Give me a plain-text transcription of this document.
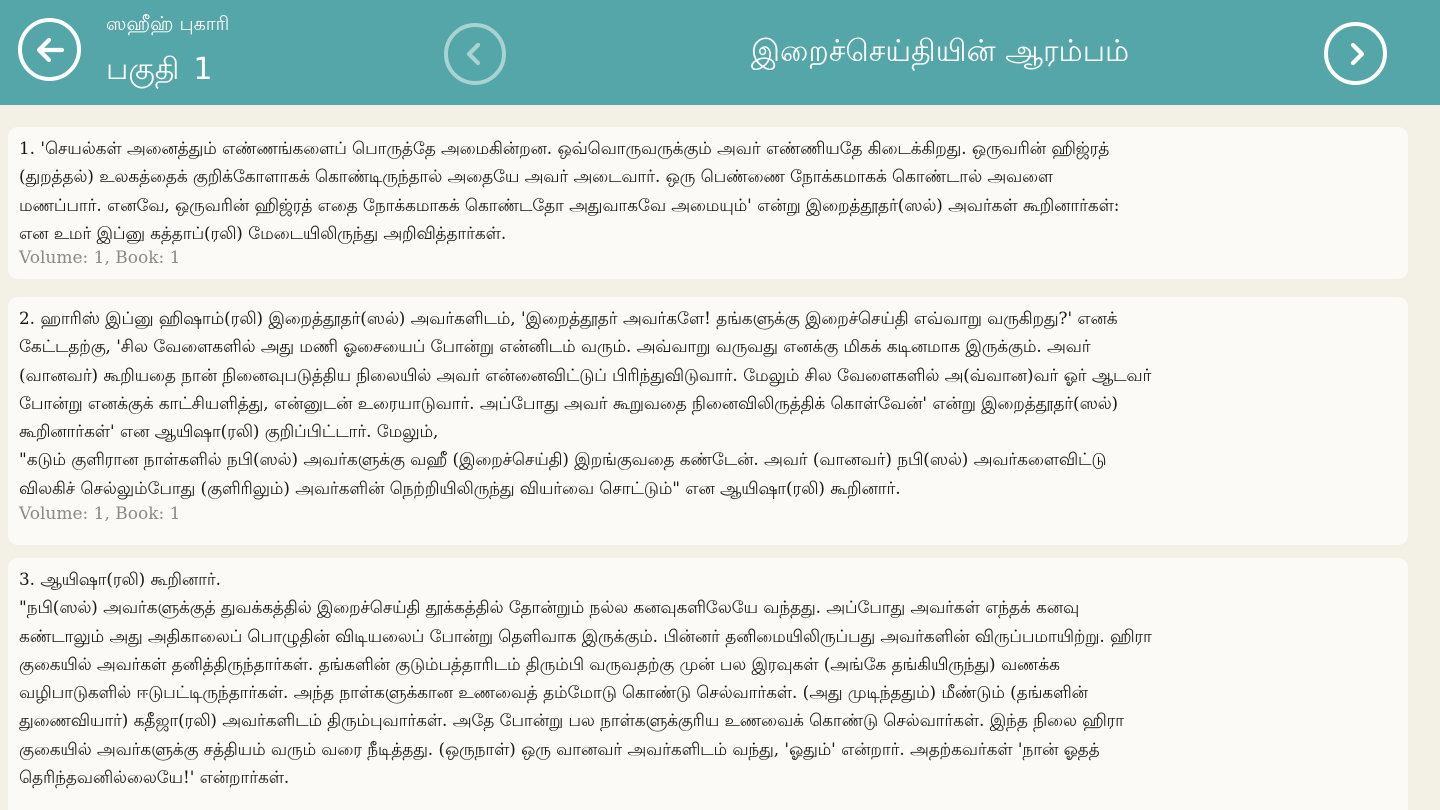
ஸஹீஹ் புகாரி
பகுதி 1
இறைச்செய்தியின் ஆரம்பம்
1. 'செயல்கள் அனைத்தும் எண்ணங்களைப் பொருத்தே அமைகின்றன. ஒவ்வொருவருக்கும் அவர் எண்ணியதே கிடைக்கிறது. ஒருவரின் ஹிஜ்ரத்
(துறத்தல்) உலகத்தைக் குறிக்கோளாகக் கொண்டிருந்தால் அதையே அவர் அடைவார். ஒரு பெண்ணை நோக்கமாகக் கொண்டால் அவளை
மணப்பார். எனவே, ஒருவரின் ஹிஜ்ரத் எதை நோக்கமாகக் கொண்டதோ அதுவாகவே அமையும்' என்று இறைத்தூதர்(ஸல்) அவர்கள் கூறினார்கள்:
என உமர் இப்னு கத்தாப்(ரலி) மேடையிலிருந்து அறிவித்தார்கள்.
Volume: 1, Book: 1
2. ஹாரிஸ் இப்னு ஹிஷாம்(ரலி) இறைத்தூதர்(ஸல்) அவர்களிடம், 'இறைத்தூதர் அவர்களே! தங்களுக்கு இறைச்செய்தி எவ்வாறு வருகிறது?' எனக்
கேட்டதற்கு, 'சில வேளைகளில் அது மணி ஓசையைப் போன்று என்னிடம் வரும். அவ்வாறு வருவது எனக்கு மிகக் கடினமாக இருக்கும். அவர்
(வானவர்) கூறியதை நான் நினைவுபடுத்திய நிலையில் அவர் என்னைவிட்டுப் பிரிந்துவிடுவார். மேலும் சில வேளைகளில் அ(வ்வான)வர் ஓர் ஆடவர்
போன்று எனக்குக் காட்சியளித்து, என்னுடன் உரையாடுவார். அப்போது அவர் கூறுவதை நினைவிலிருத்திக் கொள்வேன்' என்று இறைத்தூதர்(ஸல்)
கூறினார்கள்' என ஆயிஷா(ரலி) குறிப்பிட்டார். மேலும்,
"கடும் குளிரான நாள்களில் நபி(ஸல்) அவர்களுக்கு வஹீ (இறைச்செய்தி) இறங்குவதை கண்டேன். அவர் (வானவர்) நபி(ஸல்) அவர்களைவிட்டு
விலகிச் செல்லும்போது (குளிரிலும்) அவர்களின் நெற்றியிலிருந்து வியர்வை சொட்டும்" என ஆயிஷா(ரலி) கூறினார்.
Volume: 1, Book: 1
3. ஆயிஷா(ரலி) கூறினார்.
"நபி(ஸல்) அவர்களுக்குத் துவக்கத்தில் இறைச்செய்தி தூக்கத்தில் தோன்றும் நல்ல கனவுகளிலேயே வந்தது. அப்போது அவர்கள் எந்தக் கனவு
கண்டாலும் அது அதிகாலைப் பொழுதின் விடியலைப் போன்று தெளிவாக இருக்கும். பின்னர் தனிமையிலிருப்பது அவர்களின் விருப்பமாயிற்று. ஹிரா
குகையில் அவர்கள் தனித்திருந்தார்கள். தங்களின் குடும்பத்தாரிடம் திரும்பி வருவதற்கு முன் பல இரவுகள் (அங்கே தங்கியிருந்து) வணக்க
வழிபாடுகளில் ஈடுபட்டிருந்தார்கள். அந்த நாள்களுக்கான உணவைத் தம்மோடு கொண்டு செல்வார்கள். (அது முடிந்ததும்) மீண்டும் (தங்களின்
துணைவியார்) கதீஜா(ரலி) அவர்களிடம் திரும்புவார்கள். அதே போன்று பல நாள்களுக்குரிய உணவைக் கொண்டு செல்வார்கள். இந்த நிலை ஹிரா
குகையில் அவர்களுக்கு சத்தியம் வரும் வரை நீடித்தது. (ஒருநாள்) ஒரு வானவர் அவர்களிடம் வந்து, 'ஓதும்' என்றார். அதற்கவர்கள் 'நான் ஓதத்
தெரிந்தவனில்லையே!' என்றார்கள்.
